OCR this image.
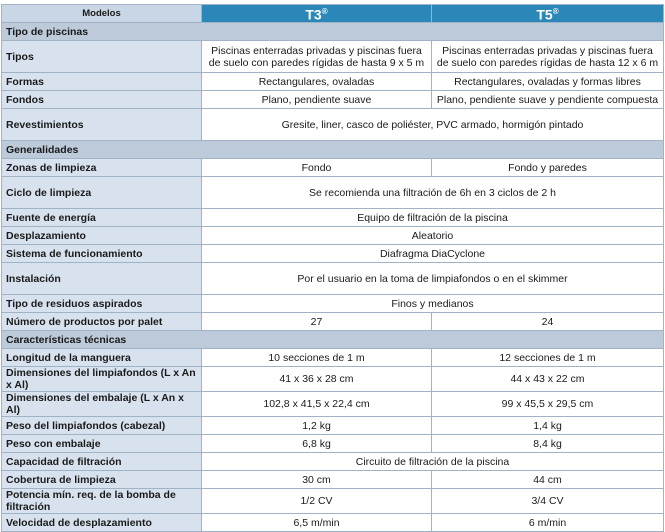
Modelos	T3®	T5®
Tipo de piscinas		
Tipos	Piscinas enterradas privadas y piscinas fuera de suelo con paredes rígidas de hasta 9 x 5 m	Piscinas enterradas privadas y piscinas fuera de suelo con paredes rígidas de hasta 12 x 6 m
Formas	Rectangulares, ovaladas	Rectangulares, ovaladas y formas libres
Fondos	Plano, pendiente suave	Plano, pendiente suave y pendiente compuesta
Revestimientos	Gresite, liner, casco de poliéster, PVC armado, hormigón pintado	
Generalidades		
Zonas de limpieza	Fondo	Fondo y paredes
Ciclo de limpieza	Se recomienda una filtración de 6h en 3 ciclos de 2 h	
Fuente de energía	Equipo de filtración de la piscina	
Desplazamiento	Aleatorio	
Sistema de funcionamiento	Diafragma DiaCyclone	
Instalación	Por el usuario en la toma de limpiafondos o en el skimmer	
Tipo de residuos aspirados	Finos y medianos	
Número de productos por palet	27	24
Características técnicas		
Longitud de la manguera	10 secciones de 1 m	12 secciones de 1 m
Dimensiones del limpiafondos (L x An x Al)	41 x 36 x 28 cm	44 x 43 x 22 cm
Dimensiones del embalaje (L x An x Al)	102,8 x 41,5 x 22,4 cm	99 x 45,5 x 29,5 cm
Peso del limpiafondos (cabezal)	1,2 kg	1,4 kg
Peso con embalaje	6,8 kg	8,4 kg
Capacidad de filtración	Circuito de filtración de la piscina	
Cobertura de limpieza	30 cm	44 cm
Potencia mín. req. de la bomba de filtración	1/2 CV	3/4 CV
Velocidad de desplazamiento	6,5 m/min	6 m/min
